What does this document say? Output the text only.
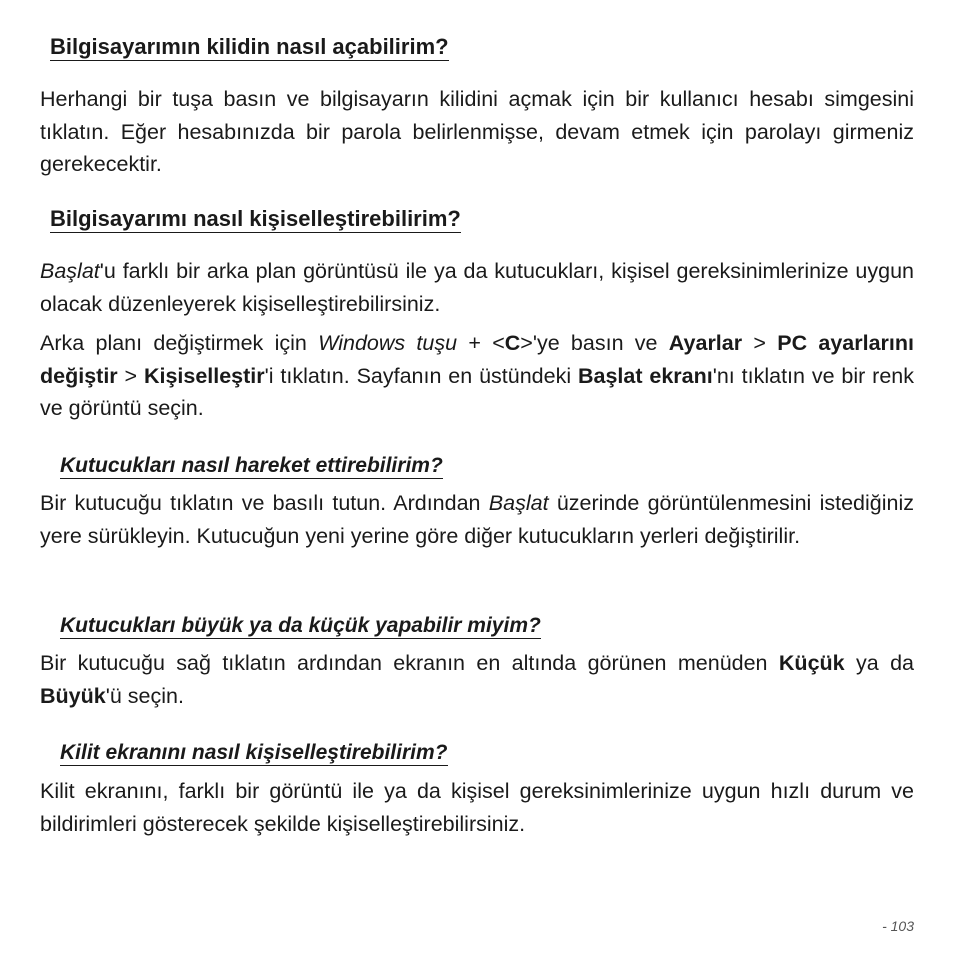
Bilgisayarımın kilidin nasıl açabilirim?

Herhangi bir tuşa basın ve bilgisayarın kilidini açmak için bir kullanıcı hesabı simgesini tıklatın. Eğer hesabınızda bir parola belirlenmişse, devam etmek için parolayı girmeniz gerekecektir.

Bilgisayarımı nasıl kişiselleştirebilirim?

Başlat'u farklı bir arka plan görüntüsü ile ya da kutucukları, kişisel gereksinimlerinize uygun olacak düzenleyerek kişiselleştirebilirsiniz.

Arka planı değiştirmek için Windows tuşu + <C>'ye basın ve Ayarlar > PC ayarlarını değiştir > Kişiselleştir'i tıklatın. Sayfanın en üstündeki Başlat ekranı'nı tıklatın ve bir renk ve görüntü seçin.

Kutucukları nasıl hareket ettirebilirim?

Bir kutucuğu tıklatın ve basılı tutun. Ardından Başlat üzerinde görüntülenmesini istediğiniz yere sürükleyin. Kutucuğun yeni yerine göre diğer kutucukların yerleri değiştirilir.

Kutucukları büyük ya da küçük yapabilir miyim?

Bir kutucuğu sağ tıklatın ardından ekranın en altında görünen menüden Küçük ya da Büyük'ü seçin.

Kilit ekranını nasıl kişiselleştirebilirim?

Kilit ekranını, farklı bir görüntü ile ya da kişisel gereksinimlerinize uygun hızlı durum ve bildirimleri gösterecek şekilde kişiselleştirebilirsiniz.

- 103
